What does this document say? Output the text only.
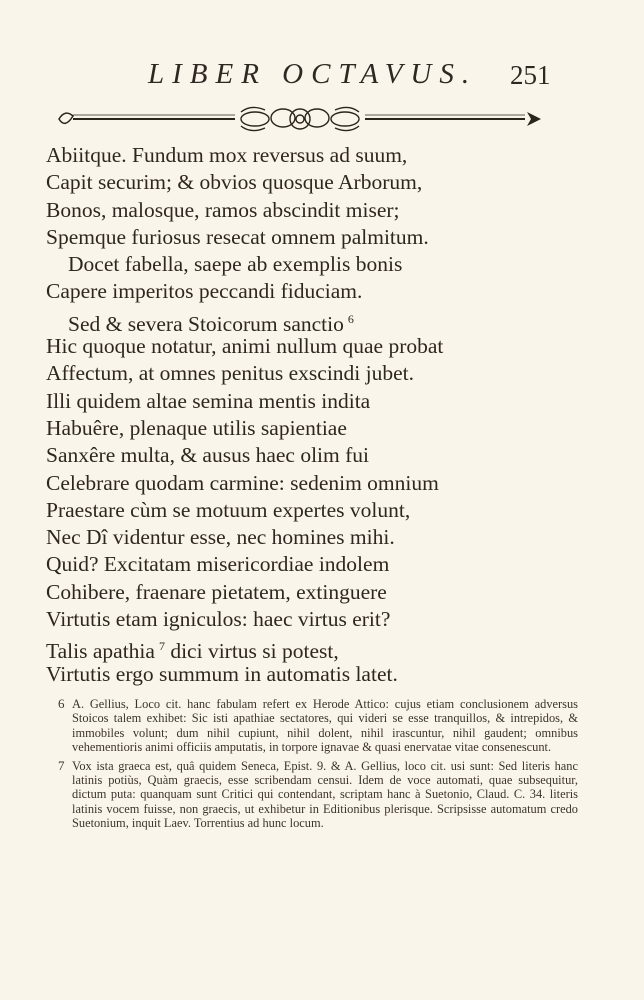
LIBER OCTAVUS. 251
Abiitque. Fundum mox reversus ad suum,
Capit securim; & obvios quosque Arborum,
Bonos, malosque, ramos abscindit miser;
Spemque furiosus resecat omnem palmitum.
Docet fabella, saepe ab exemplis bonis
Capere imperitos peccandi fiduciam.
Sed & severa Stoicorum sanctio $^6$
Hic quoque notatur, animi nullum quae probat
Affectum, at omnes penitus exscindi jubet.
Illi quidem altae semina mentis indita
Habuêre, plenaque utilis sapientiae
Sanxêre multa, & ausus haec olim fui
Celebrare quodam carmine: sedenim omnium
Praestare cùm se motuum expertes volunt,
Nec Dî videntur esse, nec homines mihi.
Quid? Excitatam misericordiae indolem
Cohibere, fraenare pietatem, extinguere
Virtutis etam igniculos: haec virtus erit?
Talis apathia $^7$ dici virtus si potest,
Virtutis ergo summum in automatis latet.
6 A. Gellius, Loco cit. hanc fabulam refert ex Herode Attico: cujus etiam conclusionem adversus Stoicos talem exhibet: Sic isti apathiae sectatores, qui videri se esse tranquillos, & intrepidos, & immobiles volunt; dum nihil cupiunt, nihil dolent, nihil irascuntur, nihil gaudent; omnibus vehementioris animi officiis amputatis, in torpore ignavae & quasi enervatae vitae consenescunt.
7 Vox ista graeca est, quâ quidem Seneca, Epist. 9. & A. Gellius, loco cit. usi sunt: Sed literis hanc latinis potiùs, Quàm graecis, esse scribendam censui. Idem de voce automati, quae subsequitur, dictum puta: quanquam sunt Critici qui contendant, scriptam hanc à Suetonio, Claud. C. 34. literis latinis vocem fuisse, non graecis, ut exhibetur in Editionibus plerisque. Scripsisse automatum credo Suetonium, inquit Laev. Torrentius ad hunc locum.
